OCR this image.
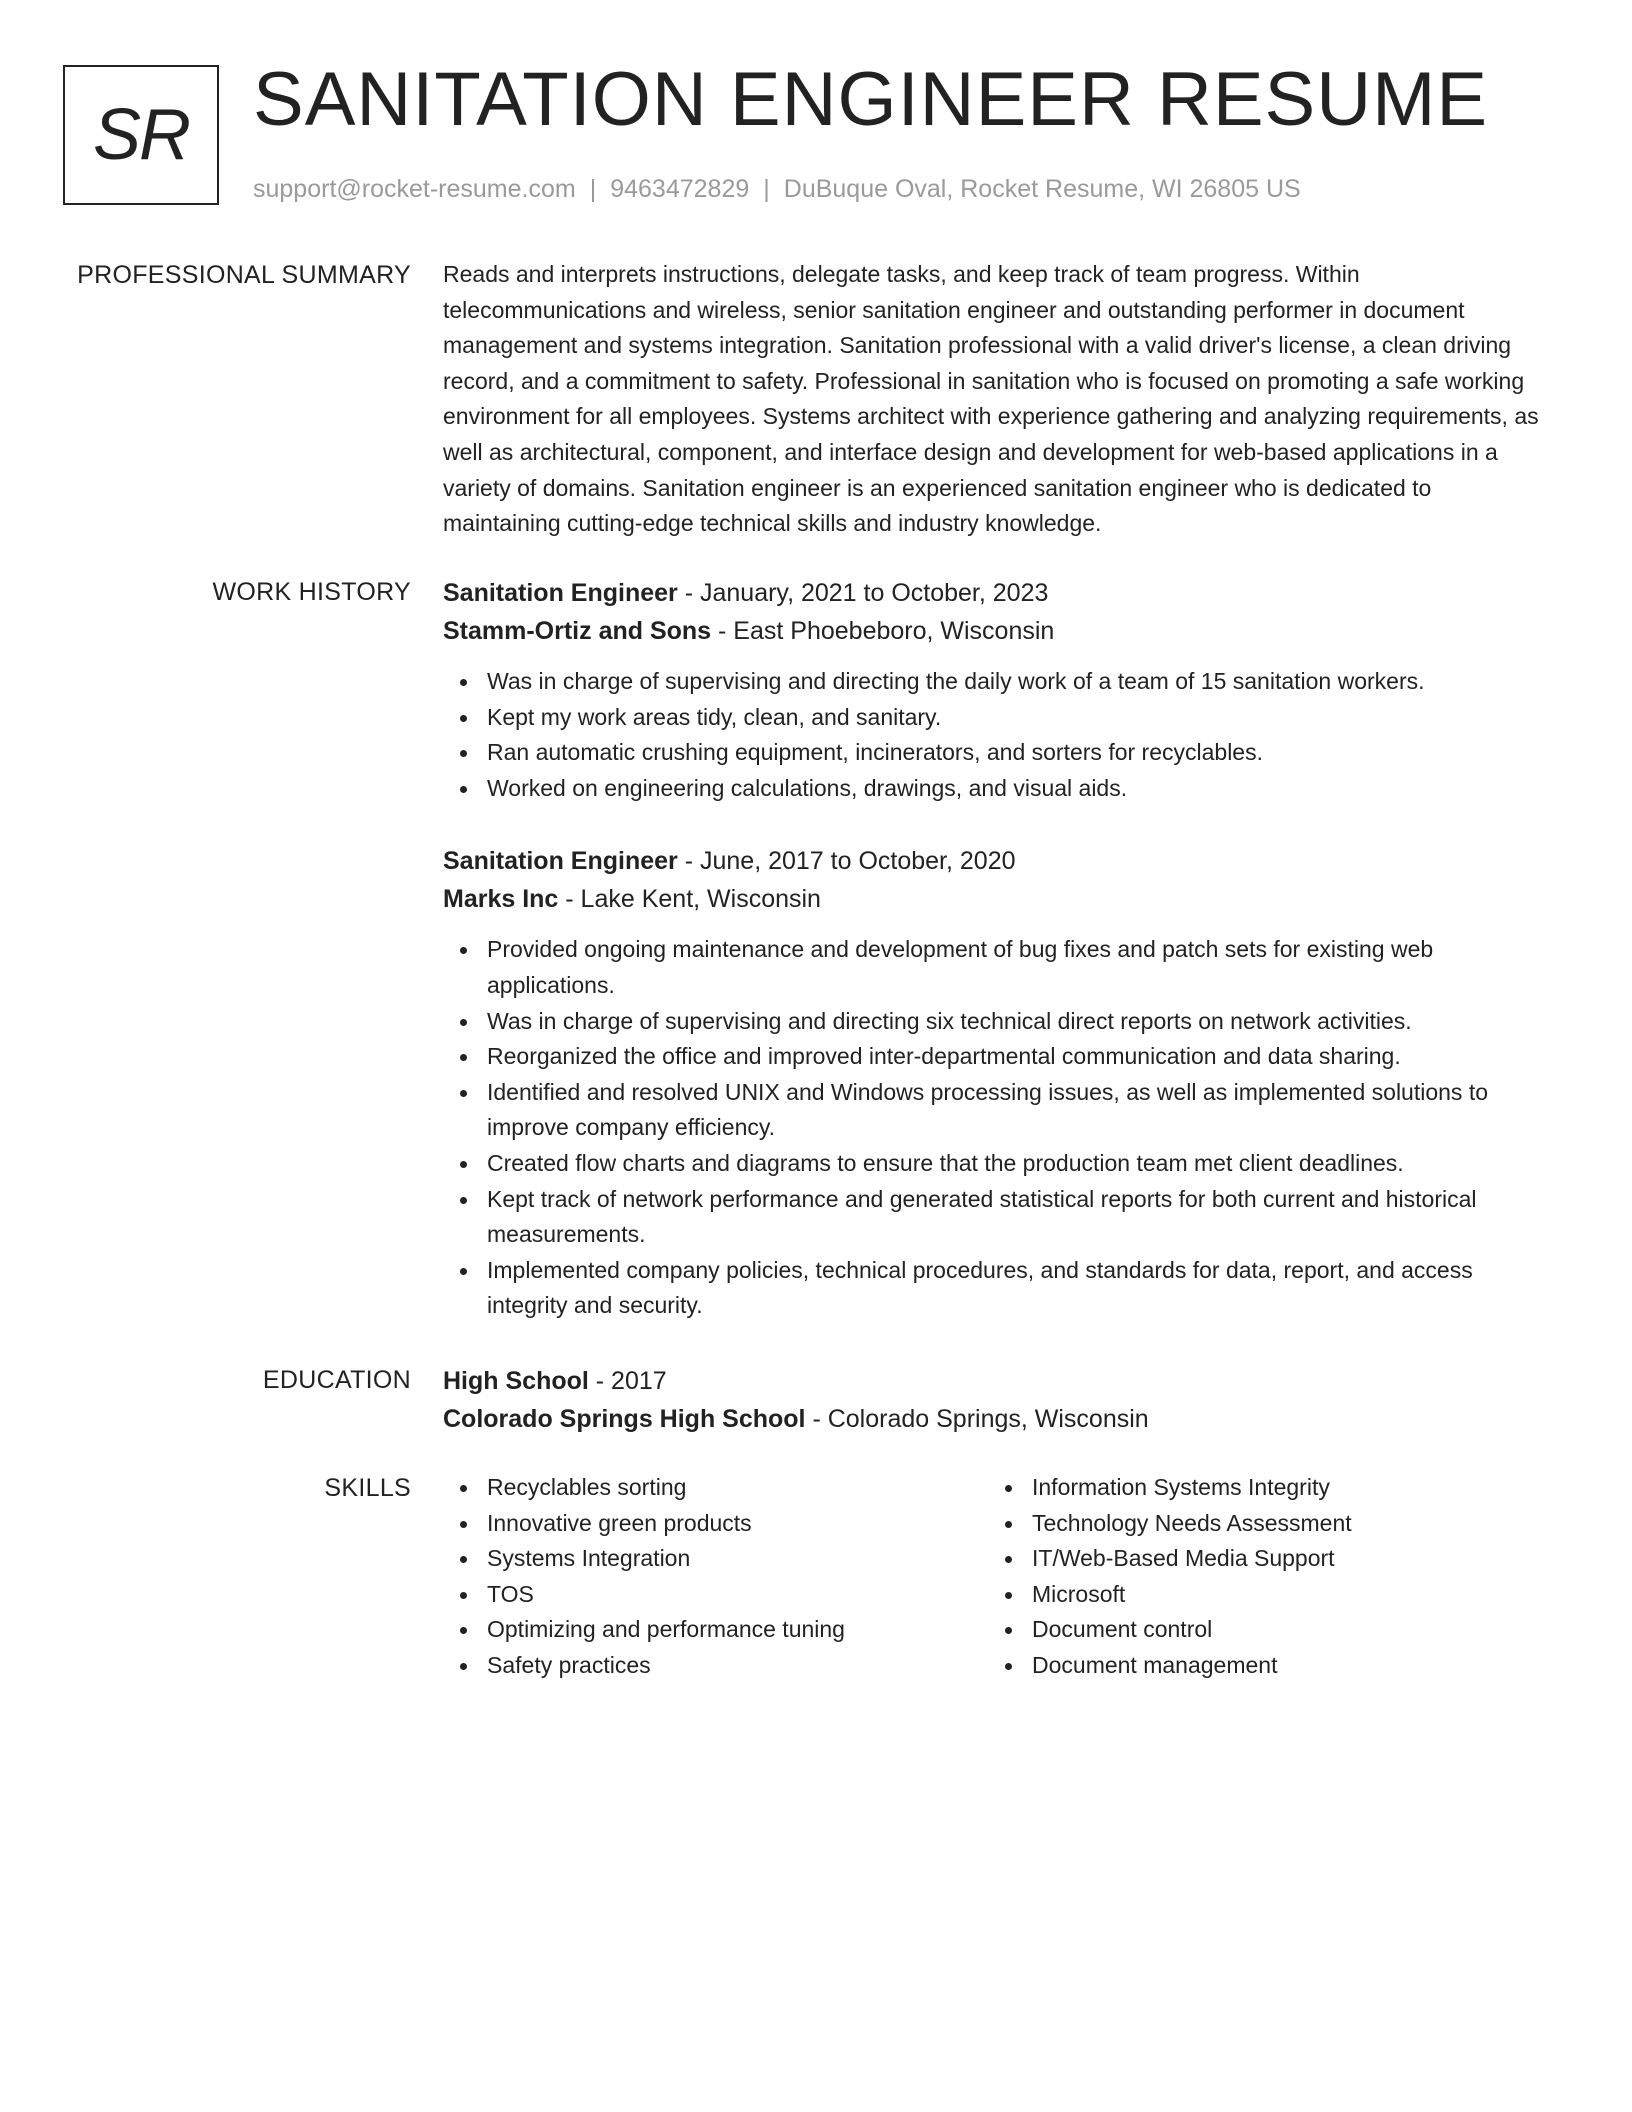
SR SANITATION ENGINEER RESUME
support@rocket-resume.com | 9463472829 | DuBuque Oval, Rocket Resume, WI 26805 US
PROFESSIONAL SUMMARY Reads and interprets instructions, delegate tasks, and keep track of team progress. Within telecommunications and wireless, senior sanitation engineer and outstanding performer in document management and systems integration. Sanitation professional with a valid driver's license, a clean driving record, and a commitment to safety. Professional in sanitation who is focused on promoting a safe working environment for all employees. Systems architect with experience gathering and analyzing requirements, as well as architectural, component, and interface design and development for web-based applications in a variety of domains. Sanitation engineer is an experienced sanitation engineer who is dedicated to maintaining cutting-edge technical skills and industry knowledge.

WORK HISTORY Sanitation Engineer - January, 2021 to October, 2023
Stamm-Ortiz and Sons - East Phoebeboro, Wisconsin
Was in charge of supervising and directing the daily work of a team of 15 sanitation workers.
Kept my work areas tidy, clean, and sanitary.
Ran automatic crushing equipment, incinerators, and sorters for recyclables.
Worked on engineering calculations, drawings, and visual aids.
Sanitation Engineer - June, 2017 to October, 2020
Marks Inc - Lake Kent, Wisconsin
Provided ongoing maintenance and development of bug fixes and patch sets for existing web applications.
Was in charge of supervising and directing six technical direct reports on network activities.
Reorganized the office and improved inter-departmental communication and data sharing.
Identified and resolved UNIX and Windows processing issues, as well as implemented solutions to improve company efficiency.
Created flow charts and diagrams to ensure that the production team met client deadlines.
Kept track of network performance and generated statistical reports for both current and historical measurements.
Implemented company policies, technical procedures, and standards for data, report, and access integrity and security.
EDUCATION High School - 2017
Colorado Springs High School - Colorado Springs, Wisconsin
SKILLS	Recyclables sorting
Innovative green products
Systems Integration
TOS
Optimizing and performance tuning
Safety practices
Information Systems Integrity
Technology Needs Assessment
IT/Web-Based Media Support
Microsoft
Document control
Document management
